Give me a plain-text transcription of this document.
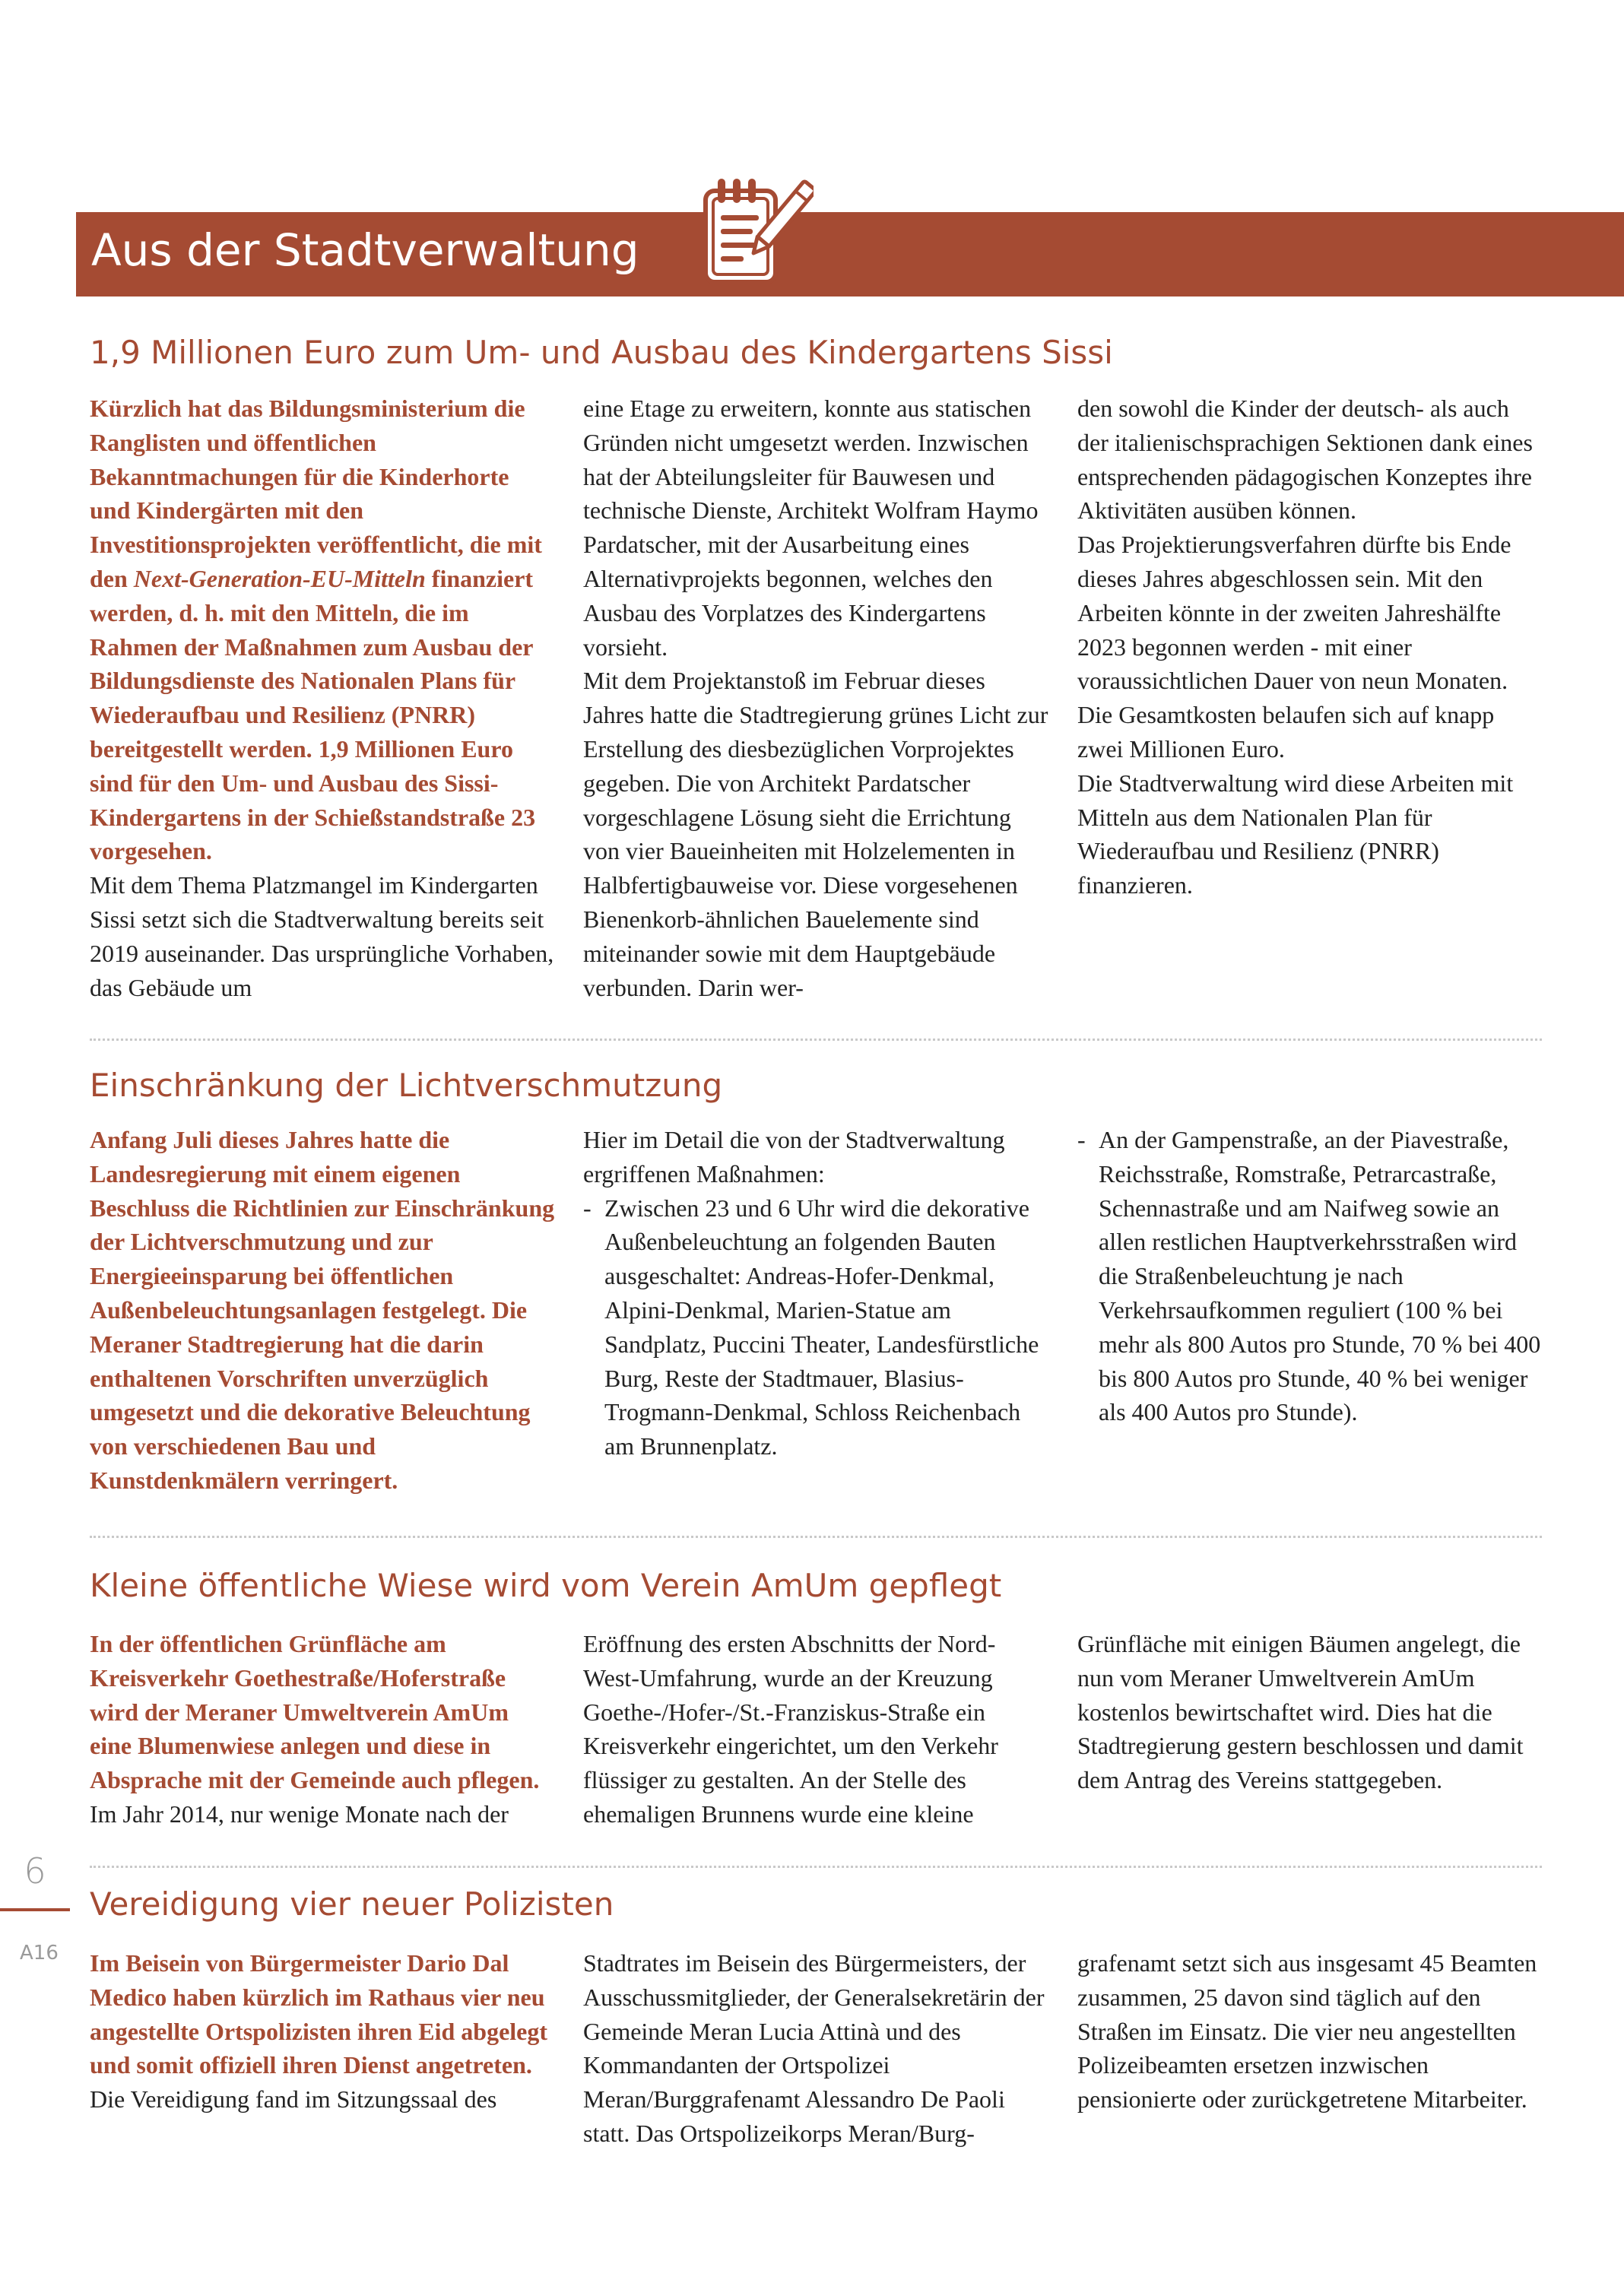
Aus der Stadtverwaltung
1,9 Millionen Euro zum Um- und Ausbau des Kindergartens Sissi

Kürzlich hat das Bildungsministerium die Ranglisten und öffentlichen Bekanntmachungen für die Kinderhorte und Kindergärten mit den Investitionsprojekten veröffentlicht, die mit den Next-Generation-EU-Mitteln finanziert werden, d. h. mit den Mitteln, die im Rahmen der Maßnahmen zum Ausbau der Bildungsdienste des Nationalen Plans für Wiederaufbau und Resilienz (PNRR) bereitgestellt werden. 1,9 Millionen Euro sind für den Um- und Ausbau des Sissi-Kindergartens in der Schießstandstraße 23 vorgesehen.

Mit dem Thema Platzmangel im Kindergarten Sissi setzt sich die Stadtverwaltung bereits seit 2019 auseinander. Das ursprüngliche Vorhaben, das Gebäude um

eine Etage zu erweitern, konnte aus statischen Gründen nicht umgesetzt werden. Inzwischen hat der Abteilungsleiter für Bauwesen und technische Dienste, Architekt Wolfram Haymo Pardatscher, mit der Ausarbeitung eines Alternativprojekts begonnen, welches den Ausbau des Vorplatzes des Kindergartens vorsieht.

Mit dem Projektanstoß im Februar dieses Jahres hatte die Stadtregierung grünes Licht zur Erstellung des diesbezüglichen Vorprojektes gegeben. Die von Architekt Pardatscher vorgeschlagene Lösung sieht die Errichtung von vier Baueinheiten mit Holzelementen in Halbfertigbauweise vor. Diese vorgesehenen Bienenkorb-ähnlichen Bauelemente sind miteinander sowie mit dem Hauptgebäude verbunden. Darin wer-

den sowohl die Kinder der deutsch- als auch der italienischsprachigen Sektionen dank eines entsprechenden pädagogischen Konzeptes ihre Aktivitäten ausüben können.

Das Projektierungsverfahren dürfte bis Ende dieses Jahres abgeschlossen sein. Mit den Arbeiten könnte in der zweiten Jahreshälfte 2023 begonnen werden - mit einer voraussichtlichen Dauer von neun Monaten. Die Gesamtkosten belaufen sich auf knapp zwei Millionen Euro.

Die Stadtverwaltung wird diese Arbeiten mit Mitteln aus dem Nationalen Plan für Wiederaufbau und Resilienz (PNRR) finanzieren.

Einschränkung der Lichtverschmutzung

Anfang Juli dieses Jahres hatte die Landesregierung mit einem eigenen Beschluss die Richtlinien zur Einschränkung der Lichtverschmutzung und zur Energieeinsparung bei öffentlichen Außenbeleuchtungsanlagen festgelegt. Die Meraner Stadtregierung hat die darin enthaltenen Vorschriften unverzüglich umgesetzt und die dekorative Beleuchtung von verschiedenen Bau und Kunstdenkmälern verringert.

Hier im Detail die von der Stadtverwaltung ergriffenen Maßnahmen:

- Zwischen 23 und 6 Uhr wird die dekorative Außenbeleuchtung an folgenden Bauten ausgeschaltet: Andreas-Hofer-Denkmal, Alpini-Denkmal, Marien-Statue am Sandplatz, Puccini Theater, Landesfürstliche Burg, Reste der Stadtmauer, Blasius-Trogmann-Denkmal, Schloss Reichenbach am Brunnenplatz.
- An der Gampenstraße, an der Piavestraße, Reichsstraße, Romstraße, Petrarcastraße, Schennastraße und am Naifweg sowie an allen restlichen Hauptverkehrsstraßen wird die Straßenbeleuchtung je nach Verkehrsaufkommen reguliert (100 % bei mehr als 800 Autos pro Stunde, 70 % bei 400 bis 800 Autos pro Stunde, 40 % bei weniger als 400 Autos pro Stunde).
Kleine öffentliche Wiese wird vom Verein AmUm gepflegt

In der öffentlichen Grünfläche am Kreisverkehr Goethestraße/Hoferstraße wird der Meraner Umweltverein AmUm eine Blumenwiese anlegen und diese in Absprache mit der Gemeinde auch pflegen.

Im Jahr 2014, nur wenige Monate nach der

Eröffnung des ersten Abschnitts der Nord-West-Umfahrung, wurde an der Kreuzung Goethe-/Hofer-/St.-Franziskus-Straße ein Kreisverkehr eingerichtet, um den Verkehr flüssiger zu gestalten. An der Stelle des ehemaligen Brunnens wurde eine kleine

Grünfläche mit einigen Bäumen angelegt, die nun vom Meraner Umweltverein AmUm kostenlos bewirtschaftet wird. Dies hat die Stadtregierung gestern beschlossen und damit dem Antrag des Vereins stattgegeben.

Vereidigung vier neuer Polizisten

Im Beisein von Bürgermeister Dario Dal Medico haben kürzlich im Rathaus vier neu angestellte Ortspolizisten ihren Eid abgelegt und somit offiziell ihren Dienst angetreten.

Die Vereidigung fand im Sitzungssaal des

Stadtrates im Beisein des Bürgermeisters, der Ausschussmitglieder, der Generalsekretärin der Gemeinde Meran Lucia Attinà und des Kommandanten der Ortspolizei Meran/Burggrafenamt Alessandro De Paoli statt. Das Ortspolizeikorps Meran/Burg-

grafenamt setzt sich aus insgesamt 45 Beamten zusammen, 25 davon sind täglich auf den Straßen im Einsatz. Die vier neu angestellten Polizeibeamten ersetzen inzwischen pensionierte oder zurückgetretene Mitarbeiter.

6
A16
